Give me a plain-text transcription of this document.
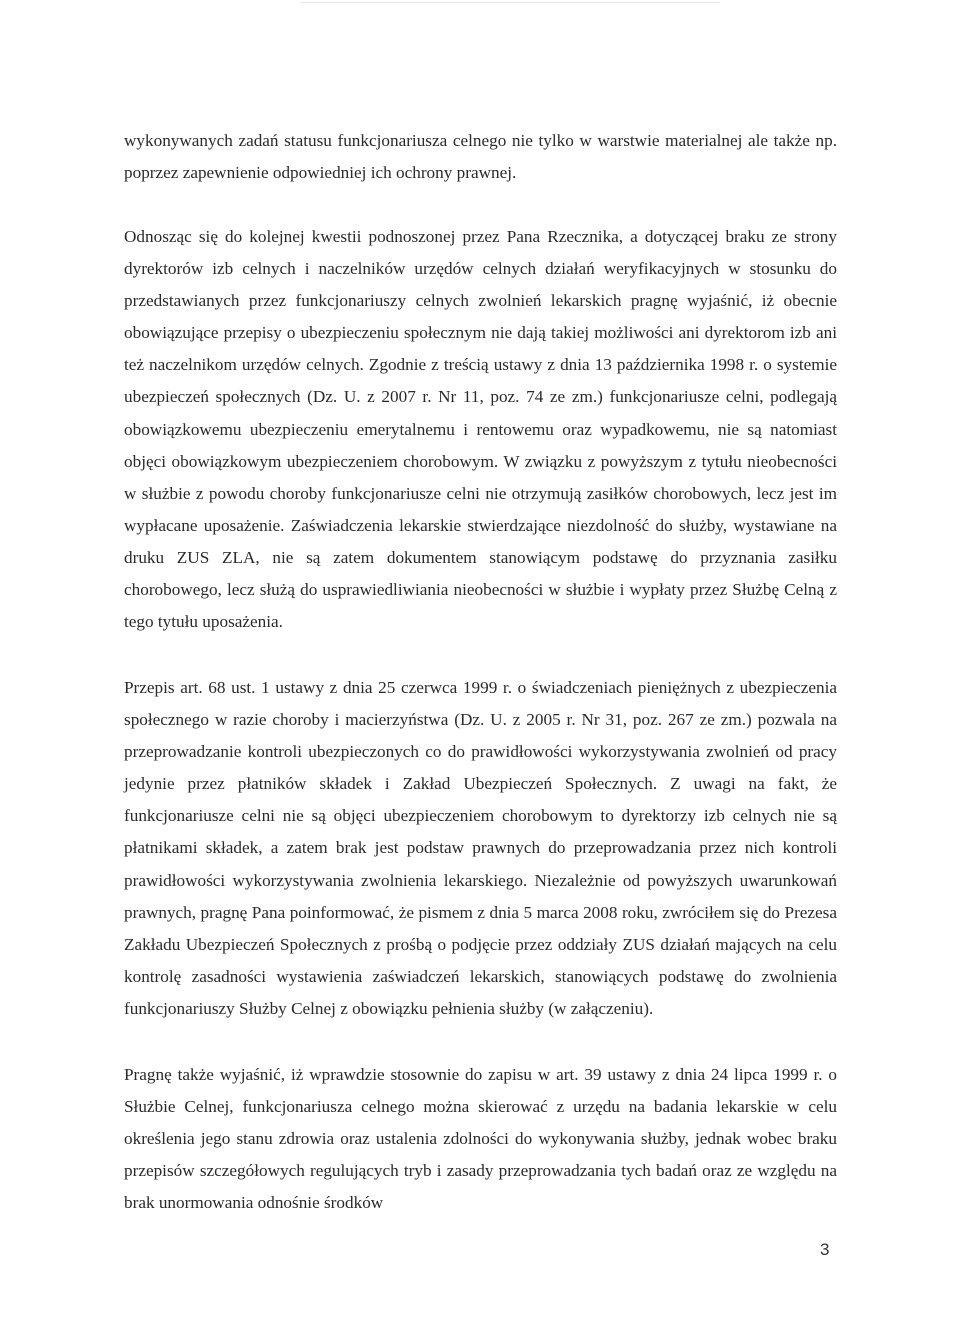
wykonywanych zadań statusu funkcjonariusza celnego nie tylko w warstwie materialnej ale także np. poprzez zapewnienie odpowiedniej ich ochrony prawnej.

Odnosząc się do kolejnej kwestii podnoszonej przez Pana Rzecznika, a dotyczącej braku ze strony dyrektorów izb celnych i naczelników urzędów celnych działań weryfikacyjnych w stosunku do przedstawianych przez funkcjonariuszy celnych zwolnień lekarskich pragnę wyjaśnić, iż obecnie obowiązujące przepisy o ubezpieczeniu społecznym nie dają takiej możliwości ani dyrektorom izb ani też naczelnikom urzędów celnych. Zgodnie z treścią ustawy z dnia 13 października 1998 r. o systemie ubezpieczeń społecznych (Dz. U. z 2007 r. Nr 11, poz. 74 ze zm.) funkcjonariusze celni, podlegają obowiązkowemu ubezpieczeniu emerytalnemu i rentowemu oraz wypadkowemu, nie są natomiast objęci obowiązkowym ubezpieczeniem chorobowym. W związku z powyższym z tytułu nieobecności w służbie z powodu choroby funkcjonariusze celni nie otrzymują zasiłków chorobowych, lecz jest im wypłacane uposażenie. Zaświadczenia lekarskie stwierdzające niezdolność do służby, wystawiane na druku ZUS ZLA, nie są zatem dokumentem stanowiącym podstawę do przyznania zasiłku chorobowego, lecz służą do usprawiedliwiania nieobecności w służbie i wypłaty przez Służbę Celną z tego tytułu uposażenia.

Przepis art. 68 ust. 1 ustawy z dnia 25 czerwca 1999 r. o świadczeniach pieniężnych z ubezpieczenia społecznego w razie choroby i macierzyństwa (Dz. U. z 2005 r. Nr 31, poz. 267 ze zm.) pozwala na przeprowadzanie kontroli ubezpieczonych co do prawidłowości wykorzystywania zwolnień od pracy jedynie przez płatników składek i Zakład Ubezpieczeń Społecznych. Z uwagi na fakt, że funkcjonariusze celni nie są objęci ubezpieczeniem chorobowym to dyrektorzy izb celnych nie są płatnikami składek, a zatem brak jest podstaw prawnych do przeprowadzania przez nich kontroli prawidłowości wykorzystywania zwolnienia lekarskiego. Niezależnie od powyższych uwarunkowań prawnych, pragnę Pana poinformować, że pismem z dnia 5 marca 2008 roku, zwróciłem się do Prezesa Zakładu Ubezpieczeń Społecznych z prośbą o podjęcie przez oddziały ZUS działań mających na celu kontrolę zasadności wystawienia zaświadczeń lekarskich, stanowiących podstawę do zwolnienia funkcjonariuszy Służby Celnej z obowiązku pełnienia służby (w załączeniu).

Pragnę także wyjaśnić, iż wprawdzie stosownie do zapisu w art. 39 ustawy z dnia 24 lipca 1999 r. o Służbie Celnej, funkcjonariusza celnego można skierować z urzędu na badania lekarskie w celu określenia jego stanu zdrowia oraz ustalenia zdolności do wykonywania służby, jednak wobec braku przepisów szczegółowych regulujących tryb i zasady przeprowadzania tych badań oraz ze względu na brak unormowania odnośnie środków

3
